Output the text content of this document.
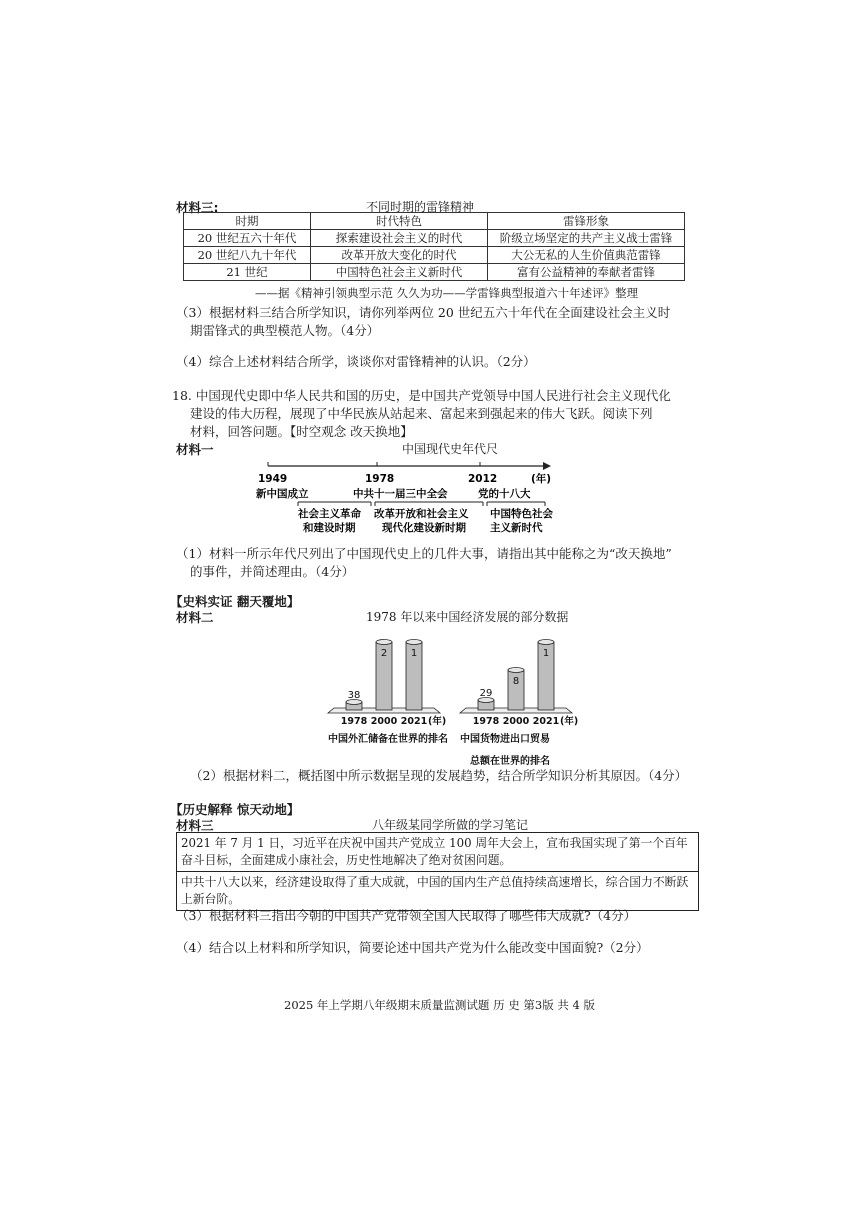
材料三:	不同时期的雷锋精神
时期	时代特色	雷锋形象
20 世纪五六十年代	探索建设社会主义的时代	阶级立场坚定的共产主义战士雷锋
20 世纪八九十年代	改革开放大变化的时代	大公无私的人生价值典范雷锋
21 世纪	中国特色社会主义新时代	富有公益精神的奉献者雷锋
——据《精神引领典型示范 久久为功——学雷锋典型报道六十年述评》整理
（3）根据材料三结合所学知识，请你列举两位 20 世纪五六十年代在全面建设社会主义时
期雷锋式的典型模范人物。（4分）
（4）综合上述材料结合所学，谈谈你对雷锋精神的认识。（2分）
18. 中国现代史即中华人民共和国的历史，是中国共产党领导中国人民进行社会主义现代化
建设的伟大历程，展现了中华民族从站起来、富起来到强起来的伟大飞跃。阅读下列
材料，回答问题。【时空观念 改天换地】
材料一	中国现代史年代尺
1949	1978	2012	(年)
新中国成立	中共十一届三中全会	党的十八大
社会主义革命
和建设时期
改革开放和社会主义
现代化建设新时期
中国特色社会
主义新时代
（1）材料一所示年代尺列出了中国现代史上的几件大事，请指出其中能称之为“改天换地”
的事件，并简述理由。（4分）
【史料实证 翻天覆地】
材料二	1978 年以来中国经济发展的部分数据
38
1978
2
2000
1
2021 (年)
中国外汇储备在世界的排名
29
1978
8
2000
1
2021 (年)
中国货物进出口贸易
总额在世界的排名
（2）根据材料二，概括图中所示数据呈现的发展趋势，结合所学知识分析其原因。（4分）
【历史解释 惊天动地】
材料三	八年级某同学所做的学习笔记
2021 年 7 月 1 日，习近平在庆祝中国共产党成立 100 周年大会上，宣布我国实现了第一个百年奋斗目标，全面建成小康社会，历史性地解决了绝对贫困问题。
中共十八大以来，经济建设取得了重大成就，中国的国内生产总值持续高速增长，综合国力不断跃上新台阶。
（3）根据材料三指出今朝的中国共产党带领全国人民取得了哪些伟大成就?（4分）
（4）结合以上材料和所学知识，简要论述中国共产党为什么能改变中国面貌?（2分）
2025 年上学期八年级期末质量监测试题 历 史 第3版 共 4 版
